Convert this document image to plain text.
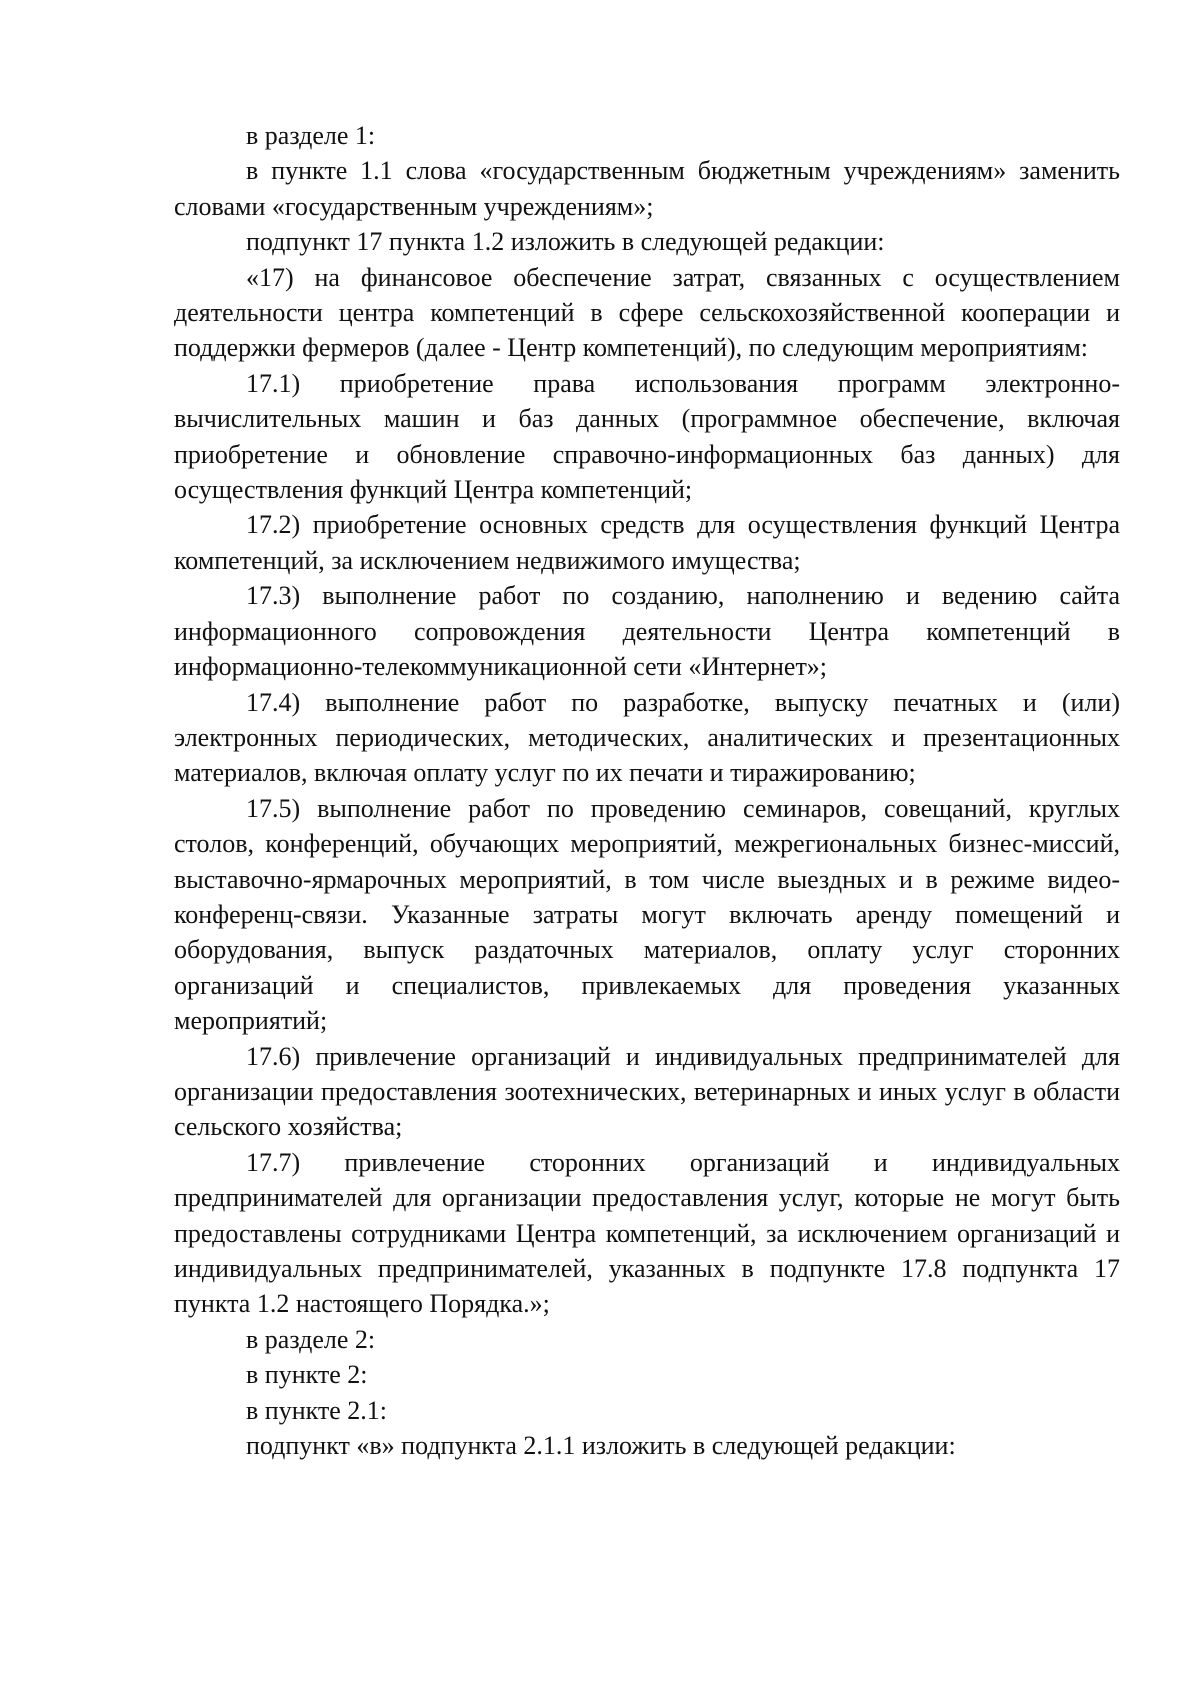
в разделе 1:

в пункте 1.1 слова «государственным бюджетным учреждениям» заменить словами «государственным учреждениям»;

подпункт 17 пункта 1.2 изложить в следующей редакции:

«17) на финансовое обеспечение затрат, связанных с осуществлением деятельности центра компетенций в сфере сельскохозяйственной кооперации и поддержки фермеров (далее - Центр компетенций), по следующим мероприятиям:

17.1) приобретение права использования программ электронно-вычислительных машин и баз данных (программное обеспечение, включая приобретение и обновление справочно-информационных баз данных) для осуществления функций Центра компетенций;

17.2) приобретение основных средств для осуществления функций Центра компетенций, за исключением недвижимого имущества;

17.3) выполнение работ по созданию, наполнению и ведению сайта информационного сопровождения деятельности Центра компетенций в информационно-телекоммуникационной сети «Интернет»;

17.4) выполнение работ по разработке, выпуску печатных и (или) электронных периодических, методических, аналитических и презентационных материалов, включая оплату услуг по их печати и тиражированию;

17.5) выполнение работ по проведению семинаров, совещаний, круглых столов, конференций, обучающих мероприятий, межрегиональных бизнес-миссий, выставочно-ярмарочных мероприятий, в том числе выездных и в режиме видео-конференц-связи. Указанные затраты могут включать аренду помещений и оборудования, выпуск раздаточных материалов, оплату услуг сторонних организаций и специалистов, привлекаемых для проведения указанных мероприятий;

17.6) привлечение организаций и индивидуальных предпринимателей для организации предоставления зоотехнических, ветеринарных и иных услуг в области сельского хозяйства;

17.7) привлечение сторонних организаций и индивидуальных предпринимателей для организации предоставления услуг, которые не могут быть предоставлены сотрудниками Центра компетенций, за исключением организаций и индивидуальных предпринимателей, указанных в подпункте 17.8 подпункта 17 пункта 1.2 настоящего Порядка.»;

в разделе 2:

в пункте 2:

в пункте 2.1:

подпункт «в» подпункта 2.1.1 изложить в следующей редакции:
